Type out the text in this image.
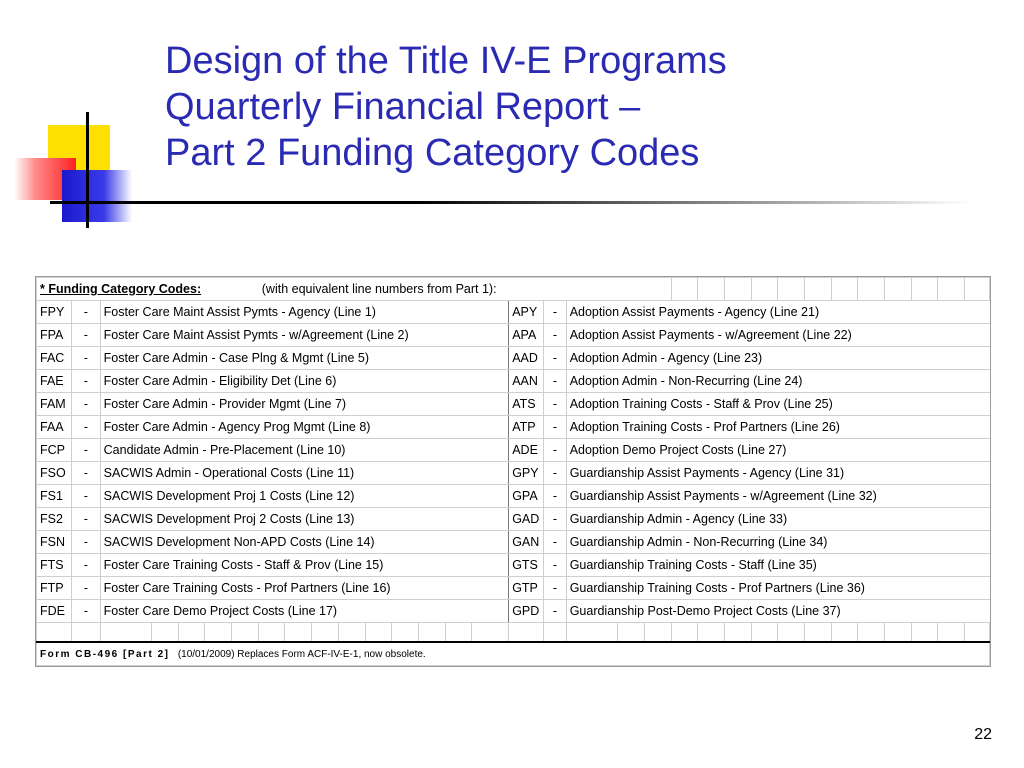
Design of the Title IV-E Programs
Quarterly Financial Report –
Part 2 Funding Category Codes
* Funding Category Codes:							(with equivalent line numbers from Part 1):																									
FPY	-	Foster Care Maint Assist Pymts - Agency (Line 1)														APY	-	Adoption Assist Payments - Agency (Line 21)														
FPA	-	Foster Care Maint Assist Pymts - w/Agreement (Line 2)														APA	-	Adoption Assist Payments - w/Agreement (Line 22)														
FAC	-	Foster Care Admin - Case Plng & Mgmt (Line 5)														AAD	-	Adoption Admin - Agency (Line 23)														
FAE	-	Foster Care Admin - Eligibility Det (Line 6)														AAN	-	Adoption Admin - Non-Recurring (Line 24)														
FAM	-	Foster Care Admin - Provider Mgmt (Line 7)														ATS	-	Adoption Training Costs - Staff & Prov (Line 25)														
FAA	-	Foster Care Admin - Agency Prog Mgmt (Line 8)														ATP	-	Adoption Training Costs - Prof Partners (Line 26)														
FCP	-	Candidate Admin - Pre-Placement (Line 10)														ADE	-	Adoption Demo Project Costs (Line 27)														
FSO	-	SACWIS Admin - Operational Costs (Line 11)														GPY	-	Guardianship Assist Payments - Agency (Line 31)														
FS1	-	SACWIS Development Proj 1 Costs (Line 12)														GPA	-	Guardianship Assist Payments - w/Agreement (Line 32)														
FS2	-	SACWIS Development Proj 2 Costs (Line 13)														GAD	-	Guardianship Admin - Agency (Line 33)														
FSN	-	SACWIS Development Non-APD Costs (Line 14)														GAN	-	Guardianship Admin - Non-Recurring (Line 34)														
FTS	-	Foster Care Training Costs - Staff & Prov (Line 15)														GTS	-	Guardianship Training Costs - Staff (Line 35)														
FTP	-	Foster Care Training Costs - Prof Partners (Line 16)														GTP	-	Guardianship Training Costs - Prof Partners (Line 36)														
FDE	-	Foster Care Demo Project Costs (Line 17)														GPD	-	Guardianship Post-Demo Project Costs (Line 37)														

Form CB-496 [Part 2] (10/01/2009) Replaces Form ACF-IV-E-1, now obsolete.																																
22
